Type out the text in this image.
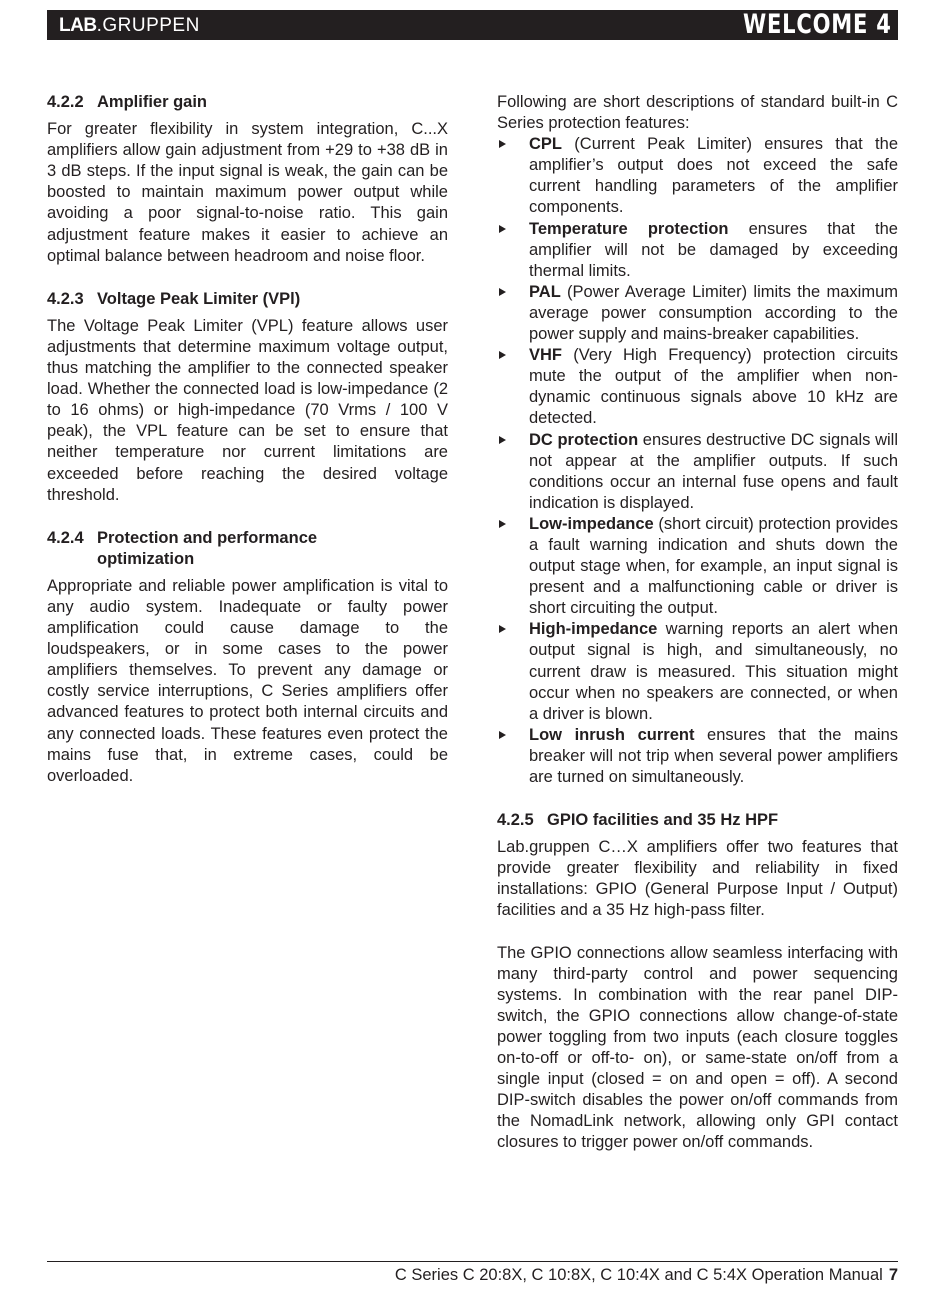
LAB.GRUPPEN	WELCOME 4
4.2.2 Amplifier gain

For greater flexibility in system integration, C...X amplifiers allow gain adjustment from +29 to +38 dB in 3 dB steps. If the input signal is weak, the gain can be boosted to maintain maximum power output while avoiding a poor signal-to-noise ratio. This gain adjustment feature makes it easier to achieve an optimal balance between headroom and noise floor.

4.2.3 Voltage Peak Limiter (VPl)

The Voltage Peak Limiter (VPL) feature allows user adjustments that determine maximum voltage output, thus matching the amplifier to the connected speaker load. Whether the connected load is low-impedance (2 to 16 ohms) or high-impedance (70 Vrms / 100 V peak), the VPL feature can be set to ensure that neither temperature nor current limitations are exceeded before reaching the desired voltage threshold.

4.2.4 Protection and performance optimization

Appropriate and reliable power amplification is vital to any audio system. Inadequate or faulty power amplification could cause damage to the loudspeakers, or in some cases to the power amplifiers themselves. To prevent any damage or costly service interruptions, C Series amplifiers offer advanced features to protect both internal circuits and any connected loads. These features even protect the mains fuse that, in extreme cases, could be overloaded.

Following are short descriptions of standard built-in C Series protection features:

CPL (Current Peak Limiter) ensures that the amplifier’s output does not exceed the safe current handling parameters of the amplifier components.
Temperature protection ensures that the amplifier will not be damaged by exceeding thermal limits.
PAL (Power Average Limiter) limits the maximum average power consumption according to the power supply and mains-breaker capabilities.
VHF (Very High Frequency) protection circuits mute the output of the amplifier when non-dynamic continuous signals above 10 kHz are detected.
DC protection ensures destructive DC signals will not appear at the amplifier outputs. If such conditions occur an internal fuse opens and fault indication is displayed.
Low-impedance (short circuit) protection provides a fault warning indication and shuts down the output stage when, for example, an input signal is present and a malfunctioning cable or driver is short circuiting the output.
High-impedance warning reports an alert when output signal is high, and simultaneously, no current draw is measured. This situation might occur when no speakers are connected, or when a driver is blown.
Low inrush current ensures that the mains breaker will not trip when several power amplifiers are turned on simultaneously.
4.2.5 GPIO facilities and 35 Hz HPF

Lab.gruppen C…X amplifiers offer two features that provide greater flexibility and reliability in fixed installations: GPIO (General Purpose Input / Output) facilities and a 35 Hz high-pass filter.

The GPIO connections allow seamless interfacing with many third-party control and power sequencing systems. In combination with the rear panel DIP-switch, the GPIO connections allow change-of-state power toggling from two inputs (each closure toggles on-to-off or off-to- on), or same-state on/off from a single input (closed = on and open = off). A second DIP-switch disables the power on/off commands from the NomadLink network, allowing only GPI contact closures to trigger power on/off commands.

C Series C 20:8X, C 10:8X, C 10:4X and C 5:4X Operation Manual 7
